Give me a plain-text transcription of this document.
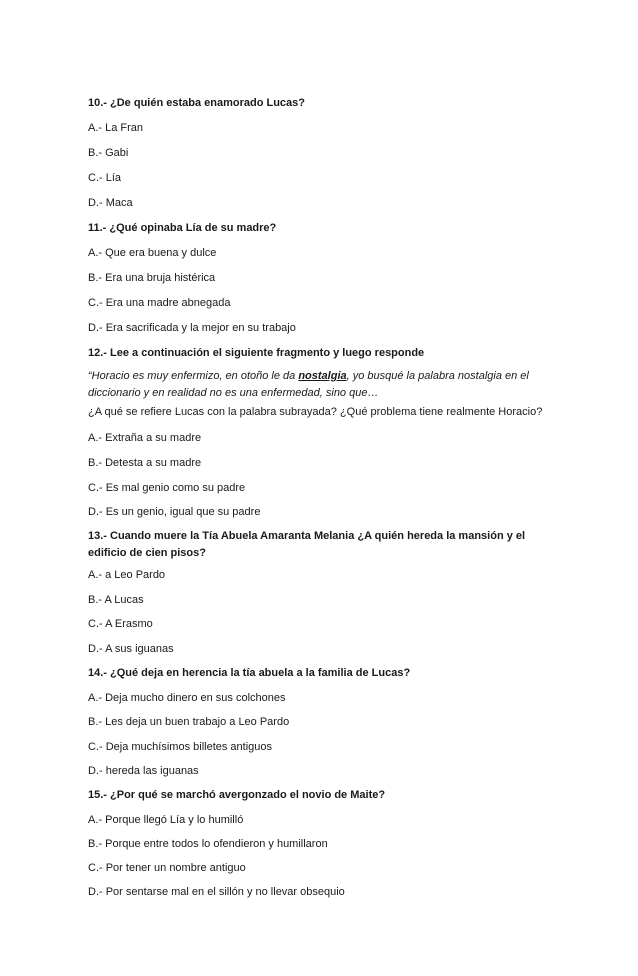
10.- ¿De quién estaba enamorado Lucas?

A.- La Fran

B.- Gabi

C.- Lía

D.- Maca

11.- ¿Qué opinaba Lía de su madre?

A.- Que era buena y dulce

B.- Era una bruja histérica

C.- Era una madre abnegada

D.- Era sacrificada y la mejor en su trabajo

12.- Lee a continuación el siguiente fragmento y luego responde

“Horacio es muy enfermizo, en otoño le da nostalgia, yo busqué la palabra nostalgia en el diccionario y en realidad no es una enfermedad, sino que…

¿A qué se refiere Lucas con la palabra subrayada? ¿Qué problema tiene realmente Horacio?

A.- Extraña a su madre

B.- Detesta a su madre

C.- Es mal genio como su padre

D.- Es un genio, igual que su padre

13.- Cuando muere la Tía Abuela Amaranta Melania ¿A quién hereda la mansión y el edificio de cien pisos?

A.- a Leo Pardo

B.- A Lucas

C.- A Erasmo

D.- A sus iguanas

14.- ¿Qué deja en herencia la tía abuela a la familia de Lucas?

A.- Deja mucho dinero en sus colchones

B.- Les deja un buen trabajo a Leo Pardo

C.- Deja muchísimos billetes antiguos

D.- hereda las iguanas

15.- ¿Por qué se marchó avergonzado el novio de Maite?

A.- Porque llegó Lía y lo humilló

B.- Porque entre todos lo ofendieron y humillaron

C.- Por tener un nombre antiguo

D.- Por sentarse mal en el sillón y no llevar obsequio
